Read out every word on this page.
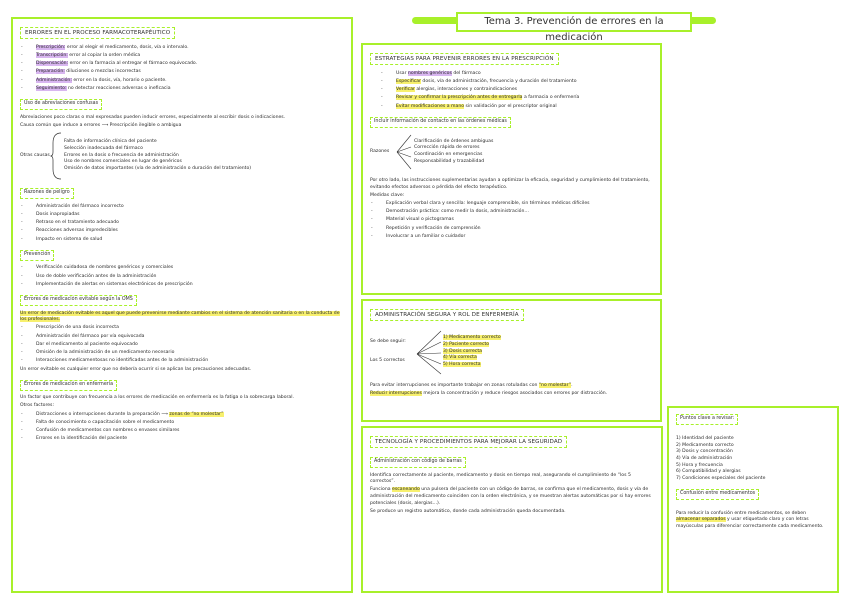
Tema 3. Prevención de errores en la medicación
ERRORES EN EL PROCESO FARMACOTERAPÉUTICO
- Prescripción: error al elegir el medicamento, dosis, vía o intervalo.
- Transcripción: error al copiar la orden médica
- Dispensación: error en la farmacia al entregar el fármaco equivocado.
- Preparación: diluciones o mezclas incorrectas
- Administración: error en la dosis, vía, horario o paciente.
- Seguimiento: no detectar reacciones adversas o ineficacia
Uso de abreviaciones confusas

Abreviaciones poco claras o mal expresadas pueden inducir errores, especialmente al escribir dosis o indicaciones.

Causa común que induce a errores ⟶ Prescripción ilegible o ambigua

Otras causas
Falta de información clínica del paciente
Selección inadecuada del fármaco
Errores en la dosis o frecuencia de administración
Uso de nombres comerciales en lugar de genéricos
Omisión de datos importantes (vía de administración o duración del tratamiento)
Razones de peligro
- Administración del fármaco incorrecto
- Dosis inapropiadas
- Retraso en el tratamiento adecuado
- Reacciones adversas impredecibles
- Impacto en sistema de salud
Prevención
- Verificación cuidadosa de nombres genéricos y comerciales
- Uso de doble verificación antes de la administración
- Implementación de alertas en sistemas electrónicos de prescripción
Errores de medicación evitable según la OMS

Un error de medicación evitable es aquel que puede prevenirse mediante cambios en el sistema de atención sanitaria o en la conducta de los profesionales.

- Prescripción de una dosis incorrecta
- Administración del fármaco por vía equivocada
- Dar el medicamento al paciente equivocado
- Omisión de la administración de un medicamento necesario
- Interacciones medicamentosas no identificadas antes de la administración

Un error evitable es cualquier error que no debería ocurrir si se aplican las precauciones adecuadas.

Errores de medicación en enfermería

Un factor que contribuye con frecuencia a los errores de medicación en enfermería es la fatiga o la sobrecarga laboral.

Otros factores:

- Distracciones o interrupciones durante la preparación ⟶ zonas de “no molestar”
- Falta de conocimiento o capacitación sobre el medicamento
- Confusión de medicamentos con nombres o envases similares
- Errores en la identificación del paciente
ESTRATEGIAS PARA PREVENIR ERRORES EN LA PRESCRIPCIÓN
- Usar nombres genéricos del fármaco
- Especificar dosis, vía de administración, frecuencia y duración del tratamiento
- Verificar alergias, interacciones y contraindicaciones
- Revisar y confirmar la prescripción antes de entregarla a farmacia o enfermería
- Evitar modificaciones a mano sin validación por el prescriptor original
Incluir información de contacto en las órdenes médicas
Razones
Clarificación de órdenes ambiguas
Corrección rápida de errores
Coordinación en emergencias
Responsabilidad y trazabilidad

Por otro lado, las instrucciones suplementarias ayudan a optimizar la eficacia, seguridad y cumplimiento del tratamiento, evitando efectos adversos o pérdida del efecto terapéutico.

Medidas clave:

- Explicación verbal clara y sencilla: lenguaje comprensible, sin términos médicos difíciles
- Demostración práctica: como medir la dosis, administración…
- Material visual o pictogramas
- Repetición y verificación de comprensión
- Involucrar a un familiar o cuidador
ADMINISTRACIÓN SEGURA Y ROL DE ENFERMERÍA
Se debe seguir:
Los 5 correctos
1) Medicamento correcto
2) Paciente correcto
3) Dosis correcta
4) Vía correcta
5) Hora correcta

Para evitar interrupciones es importante trabajar en zonas rotuladas con “no molestar”.

Reducir interrupciones mejora la concentración y reduce riesgos asociados con errores por distracción.

TECNOLOGÍA Y PROCEDIMIENTOS PARA MEJORAR LA SEGURIDAD
Administración con código de barras

Identifica correctamente al paciente, medicamento y dosis en tiempo real, asegurando el cumplimiento de “los 5 correctos”.

Funciona escaneando una pulsera del paciente con un código de barras, se confirma que el medicamento, dosis y vía de administración del medicamento coinciden con la orden electrónica, y se muestran alertas automáticas por si hay errores potenciales (dosis, alergias…).

Se produce un registro automático, donde cada administración queda documentada.

Puntos clave a revisar:
1) Identidad del paciente
2) Medicamento correcto
3) Dosis y concentración
4) Vía de administración
5) Hora y frecuencia
6) Compatibilidad y alergias
7) Condiciones especiales del paciente
Confusión entre medicamentos

Para reducir la confusión entre medicamentos, se deben almacenar separados y usar etiquetado claro y con letras mayúsculas para diferenciar correctamente cada medicamento.
